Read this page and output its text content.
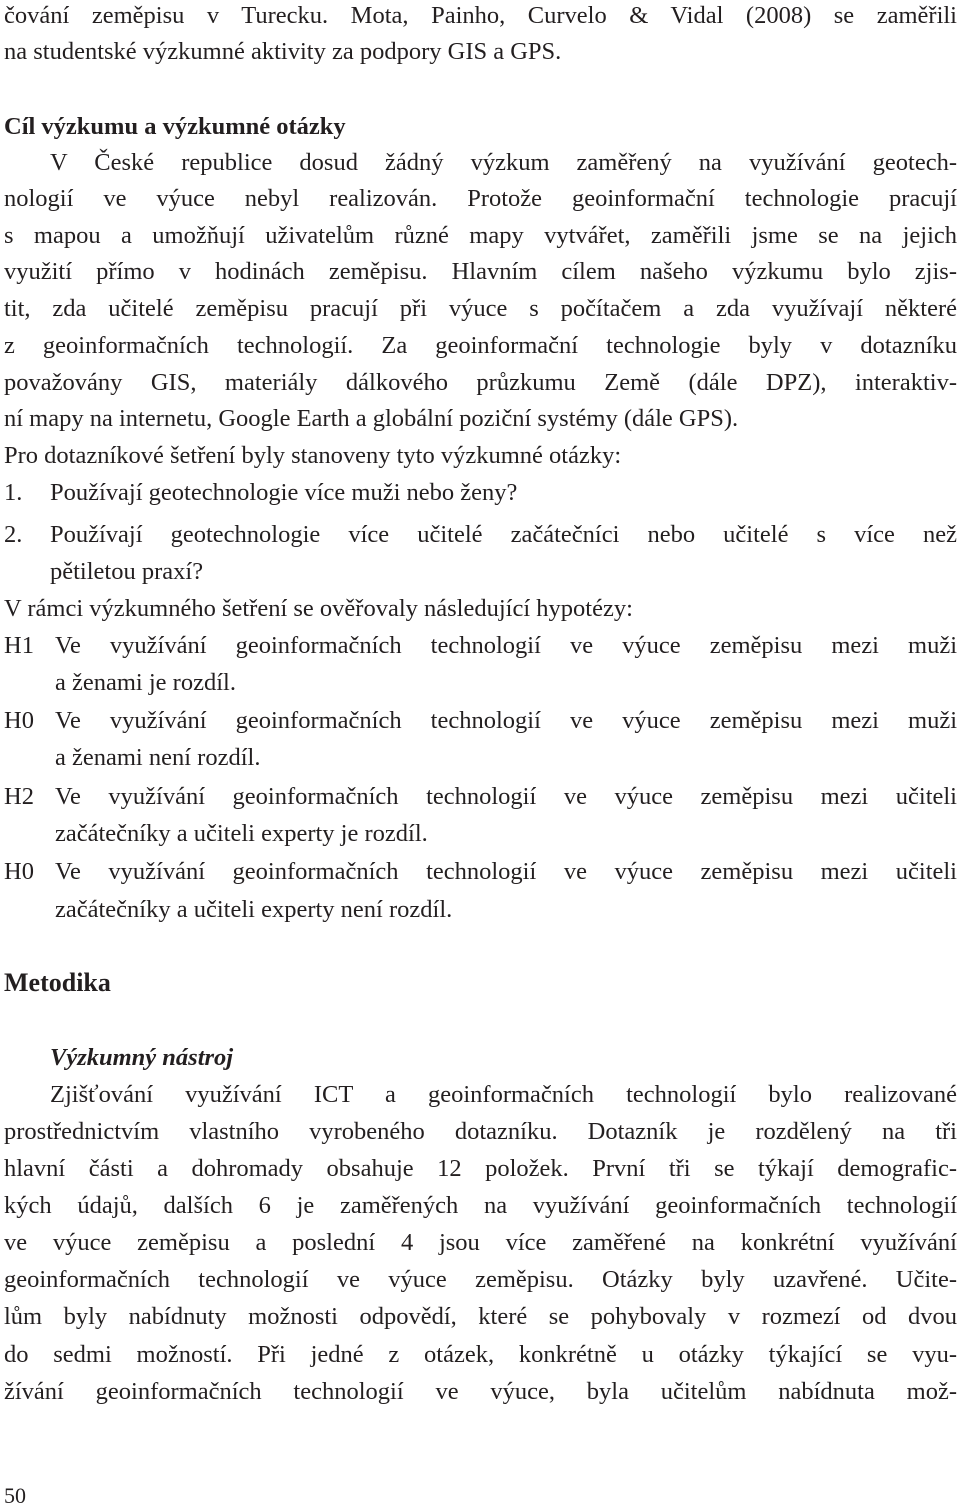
čování zeměpisu v Turecku. Mota, Painho, Curvelo & Vidal (2008) se zaměřili
na studentské výzkumné aktivity za podpory GIS a GPS.
Cíl výzkumu a výzkumné otázky
V České republice dosud žádný výzkum zaměřený na využívání geotech-
nologií ve výuce nebyl realizován. Protože geoinformační technologie pracují
s mapou a umožňují uživatelům různé mapy vytvářet, zaměřili jsme se na jejich
využití přímo v hodinách zeměpisu. Hlavním cílem našeho výzkumu bylo zjis-
tit, zda učitelé zeměpisu pracují při výuce s počítačem a zda využívají některé
z geoinformačních technologií. Za geoinformační technologie byly v dotazníku
považovány GIS, materiály dálkového průzkumu Země (dále DPZ), interaktiv-
ní mapy na internetu, Google Earth a globální poziční systémy (dále GPS).
Pro dotazníkové šetření byly stanoveny tyto výzkumné otázky:
1. Používají geotechnologie více muži nebo ženy?
2. Používají geotechnologie více učitelé začátečníci nebo učitelé s více než
pětiletou praxí?
V rámci výzkumného šetření se ověřovaly následující hypotézy:
H1 Ve využívání geoinformačních technologií ve výuce zeměpisu mezi muži
a ženami je rozdíl.
H0 Ve využívání geoinformačních technologií ve výuce zeměpisu mezi muži
a ženami není rozdíl.
H2 Ve využívání geoinformačních technologií ve výuce zeměpisu mezi učiteli
začátečníky a učiteli experty je rozdíl.
H0 Ve využívání geoinformačních technologií ve výuce zeměpisu mezi učiteli
začátečníky a učiteli experty není rozdíl.
Metodika
Výzkumný nástroj
Zjišťování využívání ICT a geoinformačních technologií bylo realizované
prostřednictvím vlastního vyrobeného dotazníku. Dotazník je rozdělený na tři
hlavní části a dohromady obsahuje 12 položek. První tři se týkají demografic-
kých údajů, dalších 6 je zaměřených na využívání geoinformačních technologií
ve výuce zeměpisu a poslední 4 jsou více zaměřené na konkrétní využívání
geoinformačních technologií ve výuce zeměpisu. Otázky byly uzavřené. Učite-
lům byly nabídnuty možnosti odpovědí, které se pohybovaly v rozmezí od dvou
do sedmi možností. Při jedné z otázek, konkrétně u otázky týkající se vyu-
žívání geoinformačních technologií ve výuce, byla učitelům nabídnuta mož-
50
